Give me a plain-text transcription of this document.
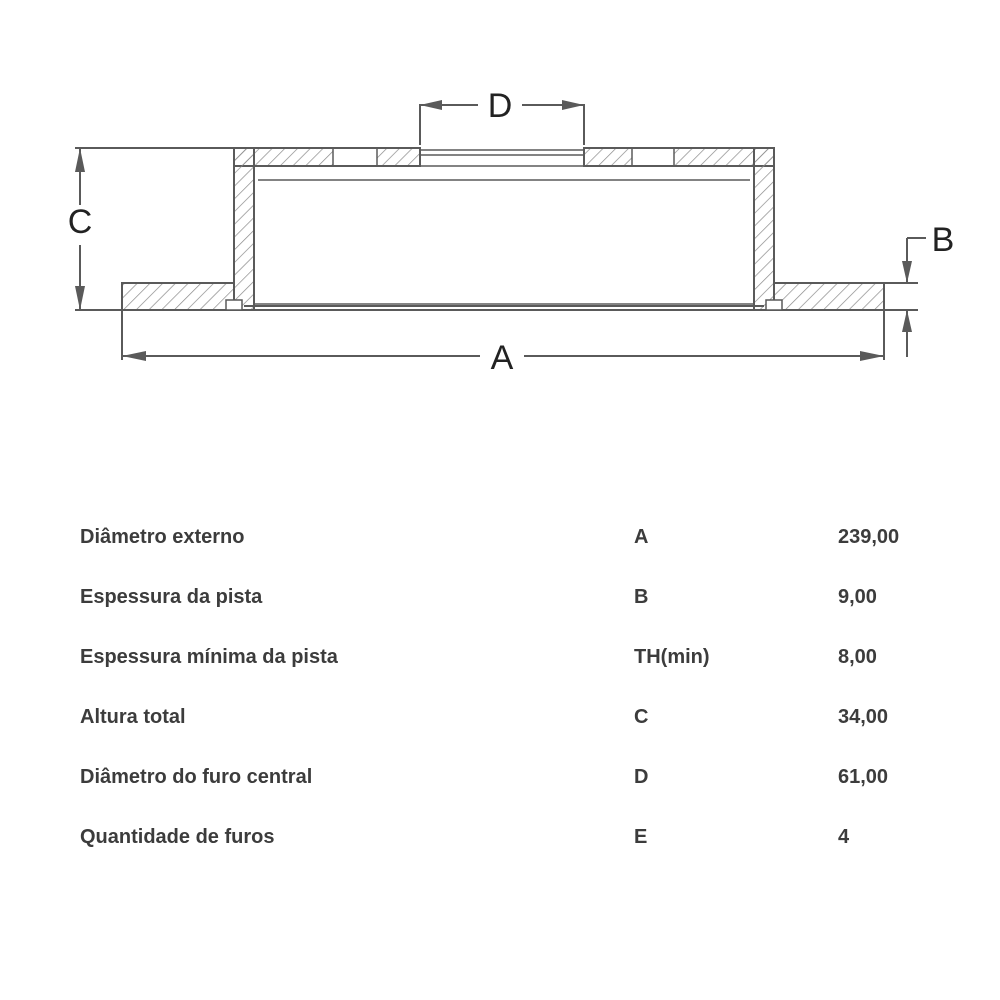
D
C
A
B
Diâmetro externo	A	239,00
Espessura da pista	B	9,00
Espessura mínima da pista	TH(min)	8,00
Altura total	C	34,00
Diâmetro do furo central	D	61,00
Quantidade de furos	E	4
